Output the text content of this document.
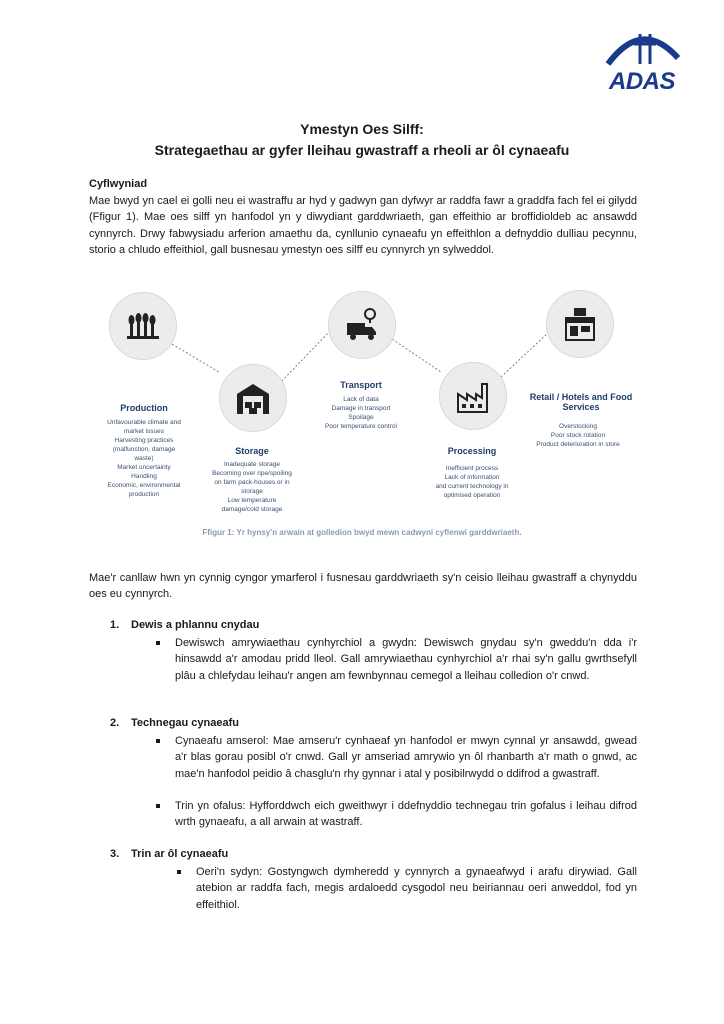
ADAS
Ymestyn Oes Silff:
Strategaethau ar gyfer lleihau gwastraff a rheoli ar ôl cynaeafu
Cyflwyniad
Mae bwyd yn cael ei golli neu ei wastraffu ar hyd y gadwyn gan dyfwyr ar raddfa fawr a graddfa fach fel ei gilydd (Ffigur 1). Mae oes silff yn hanfodol yn y diwydiant garddwriaeth, gan effeithio ar broffidioldeb ac ansawdd cynnyrch. Drwy fabwysiadu arferion amaethu da, cynllunio cynaeafu yn effeithlon a defnyddio dulliau pecynnu, storio a chludo effeithiol, gall busnesau ymestyn oes silff eu cynnyrch yn sylweddol.
Production
Unfavourable climate and
market issues
Harvesting practices
(malfunction, damage
waste)
Market uncertainty
Handling
Economic, environmental
production
Storage
Inadequate storage
Becoming over ripe/spoiling
on farm pack-houses or in
storage
Low temperature
damage/cold storage
Transport
Lack of data
Damage in transport
Spoilage
Poor temperature control
Processing
Inefficient process
Lack of information
and current technology in
optimised operation
Retail / Hotels and Food Services
Overstocking
Poor stock rotation
Product deterioration in store
Ffigur 1: Yr hynsy'n arwain at golledion bwyd mewn cadwyni cyflenwi garddwriaeth.
Mae'r canllaw hwn yn cynnig cyngor ymarferol i fusnesau garddwriaeth sy'n ceisio lleihau gwastraff a chynyddu oes eu cynnyrch.
1. Dewis a phlannu cnydau
Dewiswch amrywiaethau cynhyrchiol a gwydn: Dewiswch gnydau sy'n gweddu'n dda i'r hinsawdd a'r amodau pridd lleol. Gall amrywiaethau cynhyrchiol a'r rhai sy'n gallu gwrthsefyll plâu a chlefydau leihau'r angen am fewnbynnau cemegol a lleihau colledion o'r cnwd.
2. Technegau cynaeafu
Cynaeafu amserol: Mae amseru'r cynhaeaf yn hanfodol er mwyn cynnal yr ansawdd, gwead a'r blas gorau posibl o'r cnwd. Gall yr amseriad amrywio yn ôl rhanbarth a'r math o gnwd, ac mae'n hanfodol peidio â chasglu'n rhy gynnar i atal y posibilrwydd o ddifrod a gwastraff.
Trin yn ofalus: Hyfforddwch eich gweithwyr i ddefnyddio technegau trin gofalus i leihau difrod wrth gynaeafu, a all arwain at wastraff.
3. Trin ar ôl cynaeafu
Oeri'n sydyn: Gostyngwch dymheredd y cynnyrch a gynaeafwyd i arafu dirywiad. Gall atebion ar raddfa fach, megis ardaloedd cysgodol neu beiriannau oeri anweddol, fod yn effeithiol.
